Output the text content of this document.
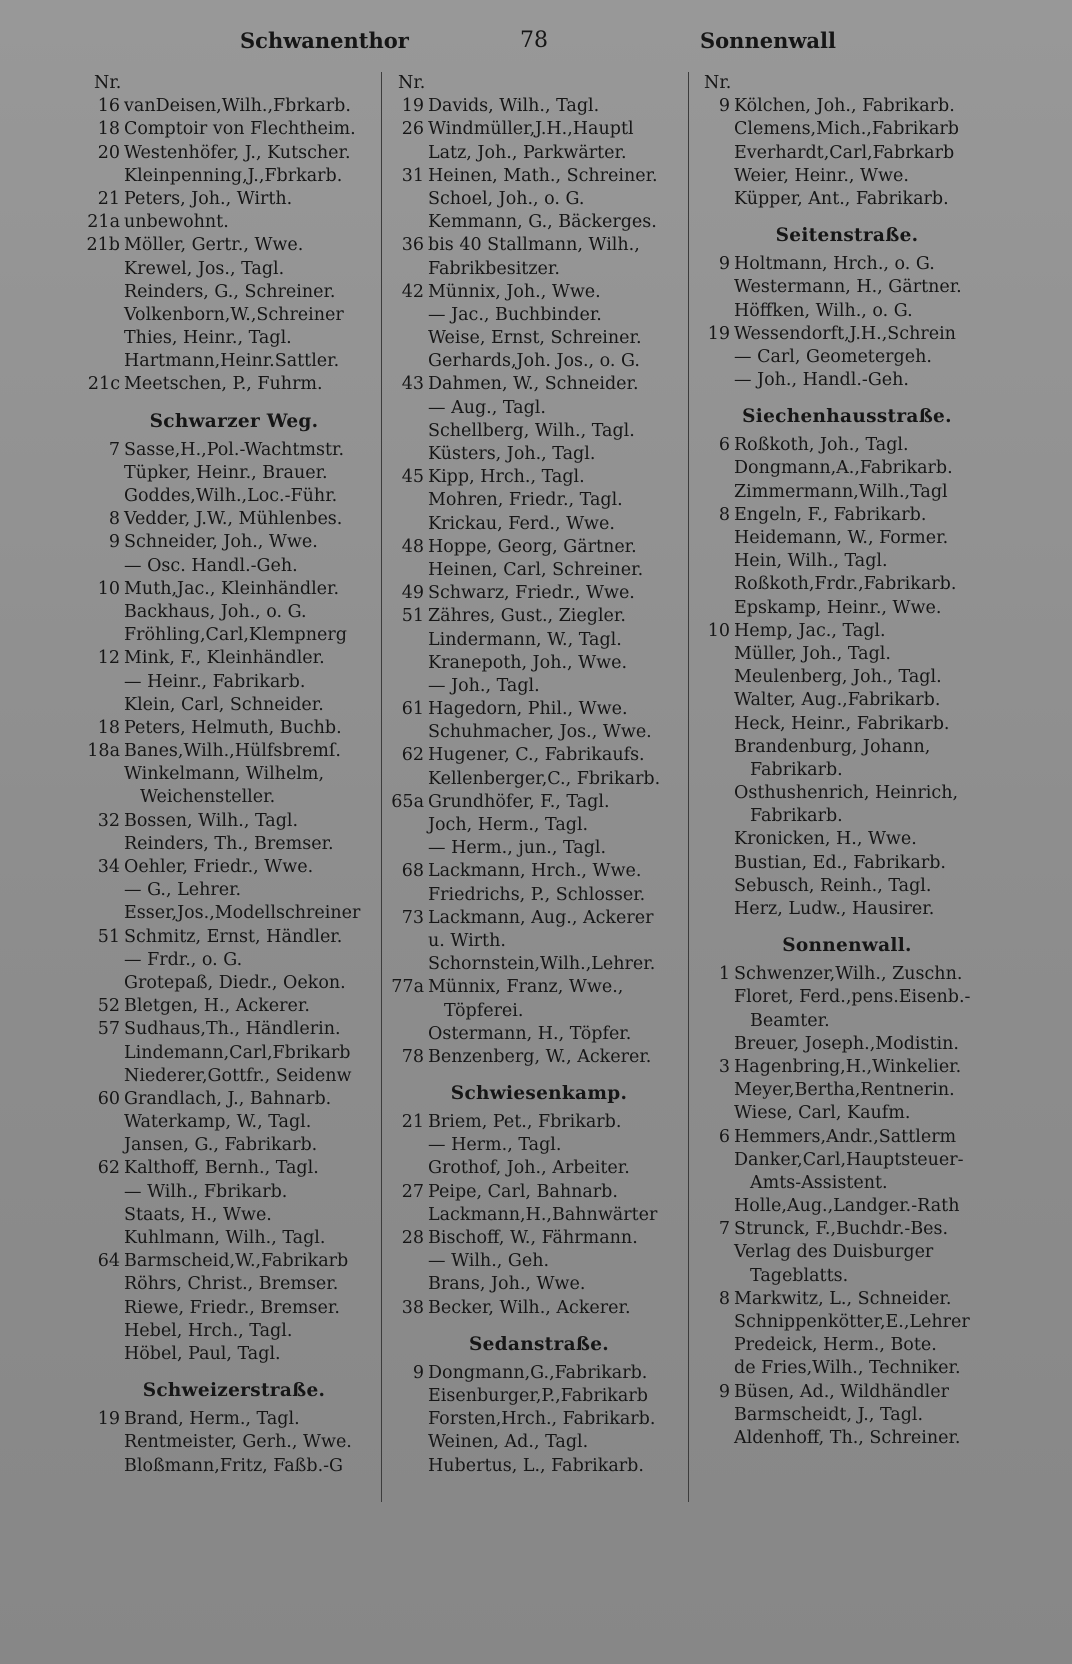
Schwanenthor	78	Sonnenwall
Nr.
16 vanDeisen,Wilh.,Fbrkarb.
18 Comptoir von Flechtheim.
20 Westenhöfer, J., Kutscher.
Kleinpenning,J.,Fbrkarb.
21 Peters, Joh., Wirth.
21a unbewohnt.
21b Möller, Gertr., Wwe.
Krewel, Jos., Tagl.
Reinders, G., Schreiner.
Volkenborn,W.,Schreiner
Thies, Heinr., Tagl.
Hartmann,Heinr.Sattler.
21c Meetschen, P., Fuhrm.
Schwarzer Weg.
7 Sasse,H.,Pol.-Wachtmstr.
Tüpker, Heinr., Brauer.
Goddes,Wilh.,Loc.-Führ.
8 Vedder, J.W., Mühlenbes.
9 Schneider, Joh., Wwe.
— Osc. Handl.-Geh.
10 Muth,Jac., Kleinhändler.
Backhaus, Joh., o. G.
Fröhling,Carl,Klempnerg
12 Mink, F., Kleinhändler.
— Heinr., Fabrikarb.
Klein, Carl, Schneider.
18 Peters, Helmuth, Buchb.
18a Banes,Wilh.,Hülfsbremſ.
Winkelmann, Wilhelm,
Weichensteller.
32 Bossen, Wilh., Tagl.
Reinders, Th., Bremser.
34 Oehler, Friedr., Wwe.
— G., Lehrer.
Esser,Jos.,Modellschreiner
51 Schmitz, Ernst, Händler.
— Frdr., o. G.
Grotepaß, Diedr., Oekon.
52 Bletgen, H., Ackerer.
57 Sudhaus,Th., Händlerin.
Lindemann,Carl,Fbrikarb
Niederer,Gottfr., Seidenw
60 Grandlach, J., Bahnarb.
Waterkamp, W., Tagl.
Jansen, G., Fabrikarb.
62 Kalthoff, Bernh., Tagl.
— Wilh., Fbrikarb.
Staats, H., Wwe.
Kuhlmann, Wilh., Tagl.
64 Barmscheid,W.,Fabrikarb
Röhrs, Christ., Bremser.
Riewe, Friedr., Bremser.
Hebel, Hrch., Tagl.
Höbel, Paul, Tagl.
Schweizerstraße.
19 Brand, Herm., Tagl.
Rentmeister, Gerh., Wwe.
Bloßmann,Fritz, Faßb.-G
Nr.
19 Davids, Wilh., Tagl.
26 Windmüller,J.H.,Hauptl
Latz, Joh., Parkwärter.
31 Heinen, Math., Schreiner.
Schoel, Joh., o. G.
Kemmann, G., Bäckerges.
36 bis 40 Stallmann, Wilh.,
Fabrikbesitzer.
42 Münnix, Joh., Wwe.
— Jac., Buchbinder.
Weise, Ernst, Schreiner.
Gerhards,Joh. Jos., o. G.
43 Dahmen, W., Schneider.
— Aug., Tagl.
Schellberg, Wilh., Tagl.
Küsters, Joh., Tagl.
45 Kipp, Hrch., Tagl.
Mohren, Friedr., Tagl.
Krickau, Ferd., Wwe.
48 Hoppe, Georg, Gärtner.
Heinen, Carl, Schreiner.
49 Schwarz, Friedr., Wwe.
51 Zähres, Gust., Ziegler.
Lindermann, W., Tagl.
Kranepoth, Joh., Wwe.
— Joh., Tagl.
61 Hagedorn, Phil., Wwe.
Schuhmacher, Jos., Wwe.
62 Hugener, C., Fabrikaufs.
Kellenberger,C., Fbrikarb.
65a Grundhöfer, F., Tagl.
Joch, Herm., Tagl.
— Herm., jun., Tagl.
68 Lackmann, Hrch., Wwe.
Friedrichs, P., Schlosser.
73 Lackmann, Aug., Ackerer
u. Wirth.
Schornstein,Wilh.,Lehrer.
77a Münnix, Franz, Wwe.,
Töpferei.
Ostermann, H., Töpfer.
78 Benzenberg, W., Ackerer.
Schwiesenkamp.
21 Briem, Pet., Fbrikarb.
— Herm., Tagl.
Grothof, Joh., Arbeiter.
27 Peipe, Carl, Bahnarb.
Lackmann,H.,Bahnwärter
28 Bischoff, W., Fährmann.
— Wilh., Geh.
Brans, Joh., Wwe.
38 Becker, Wilh., Ackerer.
Sedanstraße.
9 Dongmann,G.,Fabrikarb.
Eisenburger,P.,Fabrikarb
Forsten,Hrch., Fabrikarb.
Weinen, Ad., Tagl.
Hubertus, L., Fabrikarb.
Nr.
9 Kölchen, Joh., Fabrikarb.
Clemens,Mich.,Fabrikarb
Everhardt,Carl,Fabrkarb
Weier, Heinr., Wwe.
Küpper, Ant., Fabrikarb.
Seitenstraße.
9 Holtmann, Hrch., o. G.
Westermann, H., Gärtner.
Höffken, Wilh., o. G.
19 Wessendorft,J.H.,Schrein
— Carl, Geometergeh.
— Joh., Handl.-Geh.
Siechenhausstraße.
6 Roßkoth, Joh., Tagl.
Dongmann,A.,Fabrikarb.
Zimmermann,Wilh.,Tagl
8 Engeln, F., Fabrikarb.
Heidemann, W., Former.
Hein, Wilh., Tagl.
Roßkoth,Frdr.,Fabrikarb.
Epskamp, Heinr., Wwe.
10 Hemp, Jac., Tagl.
Müller, Joh., Tagl.
Meulenberg, Joh., Tagl.
Walter, Aug.,Fabrikarb.
Heck, Heinr., Fabrikarb.
Brandenburg, Johann,
Fabrikarb.
Osthushenrich, Heinrich,
Fabrikarb.
Kronicken, H., Wwe.
Bustian, Ed., Fabrikarb.
Sebusch, Reinh., Tagl.
Herz, Ludw., Hausirer.
Sonnenwall.
1 Schwenzer,Wilh., Zuschn.
Floret, Ferd.,pens.Eisenb.-
Beamter.
Breuer, Joseph.,Modistin.
3 Hagenbring,H.,Winkelier.
Meyer,Bertha,Rentnerin.
Wiese, Carl, Kaufm.
6 Hemmers,Andr.,Sattlerm
Danker,Carl,Hauptsteuer-
Amts-Assistent.
Holle,Aug.,Landger.-Rath
7 Strunck, F.,Buchdr.-Bes.
Verlag des Duisburger
Tageblatts.
8 Markwitz, L., Schneider.
Schnippenkötter,E.,Lehrer
Predeick, Herm., Bote.
de Fries,Wilh., Techniker.
9 Büsen, Ad., Wildhändler
Barmscheidt, J., Tagl.
Aldenhoff, Th., Schreiner.
